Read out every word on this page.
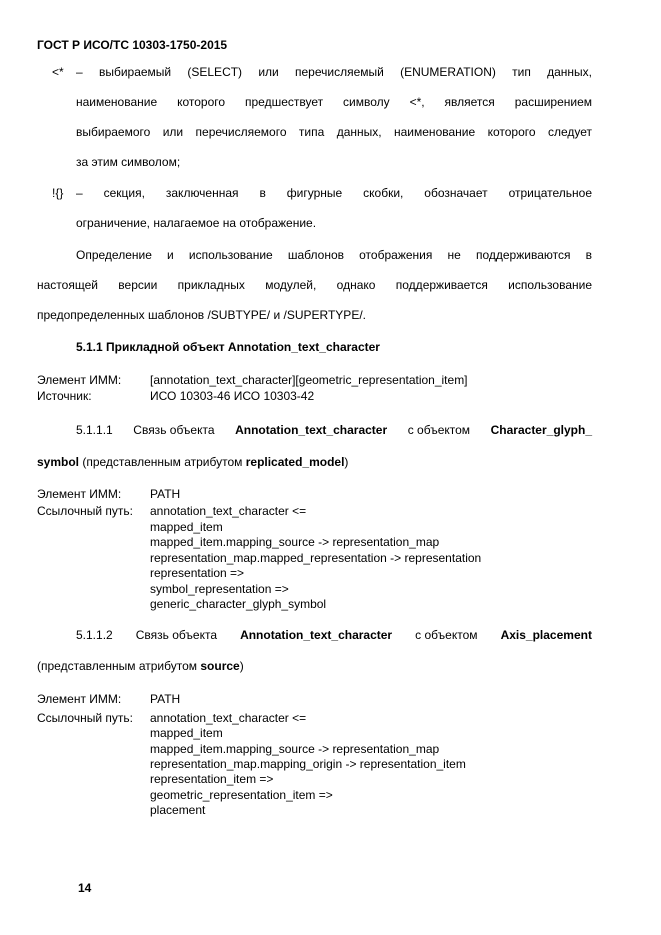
ГОСТ Р ИСО/ТС 10303-1750-2015
<* – выбираемый (SELECT) или перечисляемый (ENUMERATION) тип данных,
наименование которого предшествует символу <*, является расширением
выбираемого или перечисляемого типа данных, наименование которого следует
за этим символом;
!{} – секция, заключенная в фигурные скобки, обозначает отрицательное
ограничение, налагаемое на отображение.
Определение и использование шаблонов отображения не поддерживаются в
настоящей версии прикладных модулей, однако поддерживается использование
предопределенных шаблонов /SUBTYPE/ и /SUPERTYPE/.
5.1.1 Прикладной объект Annotation_text_character
Элемент ИММ: [annotation_text_character][geometric_representation_item]
Источник:	ИСО 10303-46 ИСО 10303-42
5.1.1.1 Связь объекта Annotation_text_character с объектом Character_glyph_
symbol (представленным атрибутом replicated_model)
Элемент ИММ: PATH
Ссылочный путь: annotation_text_character <=
mapped_item
mapped_item.mapping_source -> representation_map
representation_map.mapped_representation -> representation
representation =>
symbol_representation =>
generic_character_glyph_symbol
5.1.1.2 Связь объекта Annotation_text_character с объектом Axis_placement
(представленным атрибутом source)
Элемент ИММ: PATH
Ссылочный путь: annotation_text_character <=
mapped_item
mapped_item.mapping_source -> representation_map
representation_map.mapping_origin -> representation_item
representation_item =>
geometric_representation_item =>
placement
14
